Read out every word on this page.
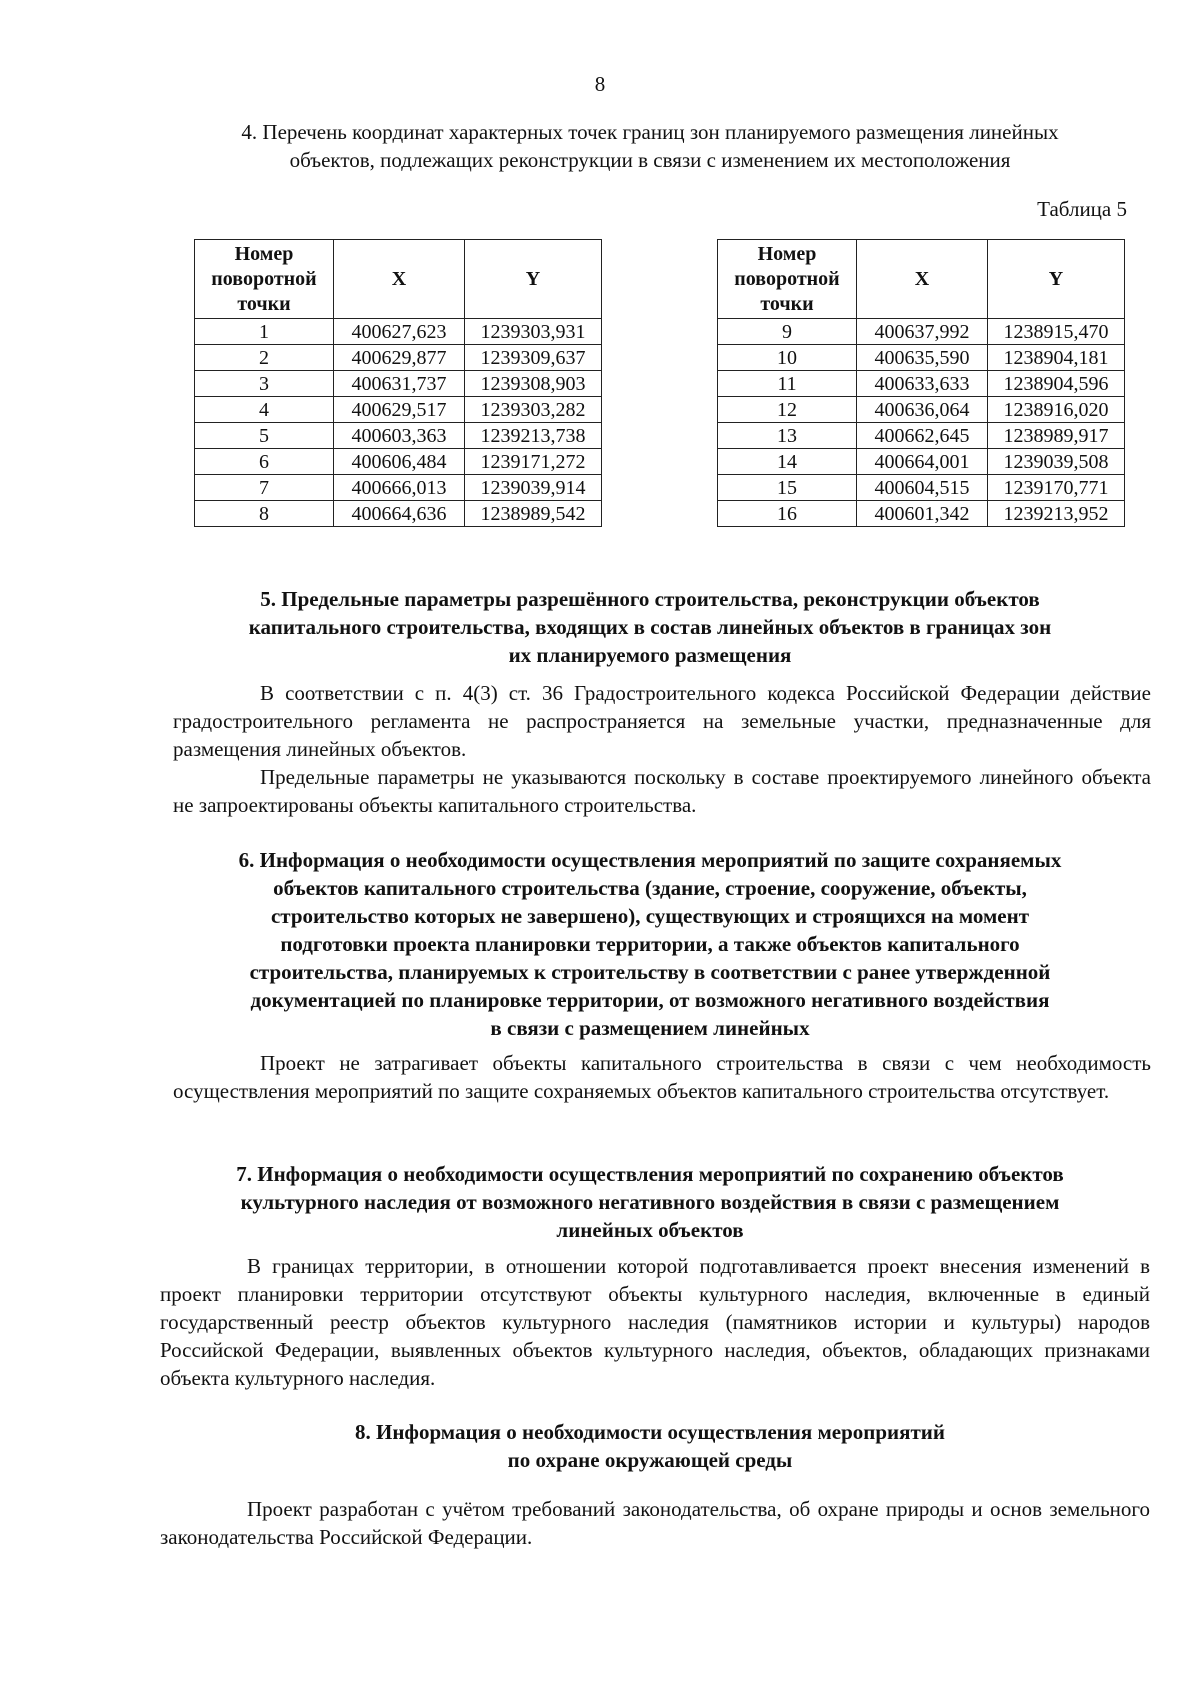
8
4. Перечень координат характерных точек границ зон планируемого размещения линейных
объектов, подлежащих реконструкции в связи с изменением их местоположения
Таблица 5
Номер
поворотной
точки	X	Y
1	400627,623	1239303,931
2	400629,877	1239309,637
3	400631,737	1239308,903
4	400629,517	1239303,282
5	400603,363	1239213,738
6	400606,484	1239171,272
7	400666,013	1239039,914
8	400664,636	1238989,542
Номер
поворотной
точки	X	Y
9	400637,992	1238915,470
10	400635,590	1238904,181
11	400633,633	1238904,596
12	400636,064	1238916,020
13	400662,645	1238989,917
14	400664,001	1239039,508
15	400604,515	1239170,771
16	400601,342	1239213,952
5. Предельные параметры разрешённого строительства, реконструкции объектов
капитального строительства, входящих в состав линейных объектов в границах зон
их планируемого размещения

В соответствии с п. 4(3) ст. 36 Градостроительного кодекса Российской Федерации действие градостроительного регламента не распространяется на земельные участки, предназначенные для размещения линейных объектов.

Предельные параметры не указываются поскольку в составе проектируемого линейного объекта не запроектированы объекты капитального строительства.

6. Информация о необходимости осуществления мероприятий по защите сохраняемых
объектов капитального строительства (здание, строение, сооружение, объекты,
строительство которых не завершено), существующих и строящихся на момент
подготовки проекта планировки территории, а также объектов капитального
строительства, планируемых к строительству в соответствии с ранее утвержденной
документацией по планировке территории, от возможного негативного воздействия
в связи с размещением линейных

Проект не затрагивает объекты капитального строительства в связи с чем необходимость осуществления мероприятий по защите сохраняемых объектов капитального строительства отсутствует.

7. Информация о необходимости осуществления мероприятий по сохранению объектов
культурного наследия от возможного негативного воздействия в связи с размещением
линейных объектов

В границах территории, в отношении которой подготавливается проект внесения изменений в проект планировки территории отсутствуют объекты культурного наследия, включенные в единый государственный реестр объектов культурного наследия (памятников истории и культуры) народов Российской Федерации, выявленных объектов культурного наследия, объектов, обладающих признаками объекта культурного наследия.

8. Информация о необходимости осуществления мероприятий
по охране окружающей среды

Проект разработан с учётом требований законодательства, об охране природы и основ земельного законодательства Российской Федерации.
